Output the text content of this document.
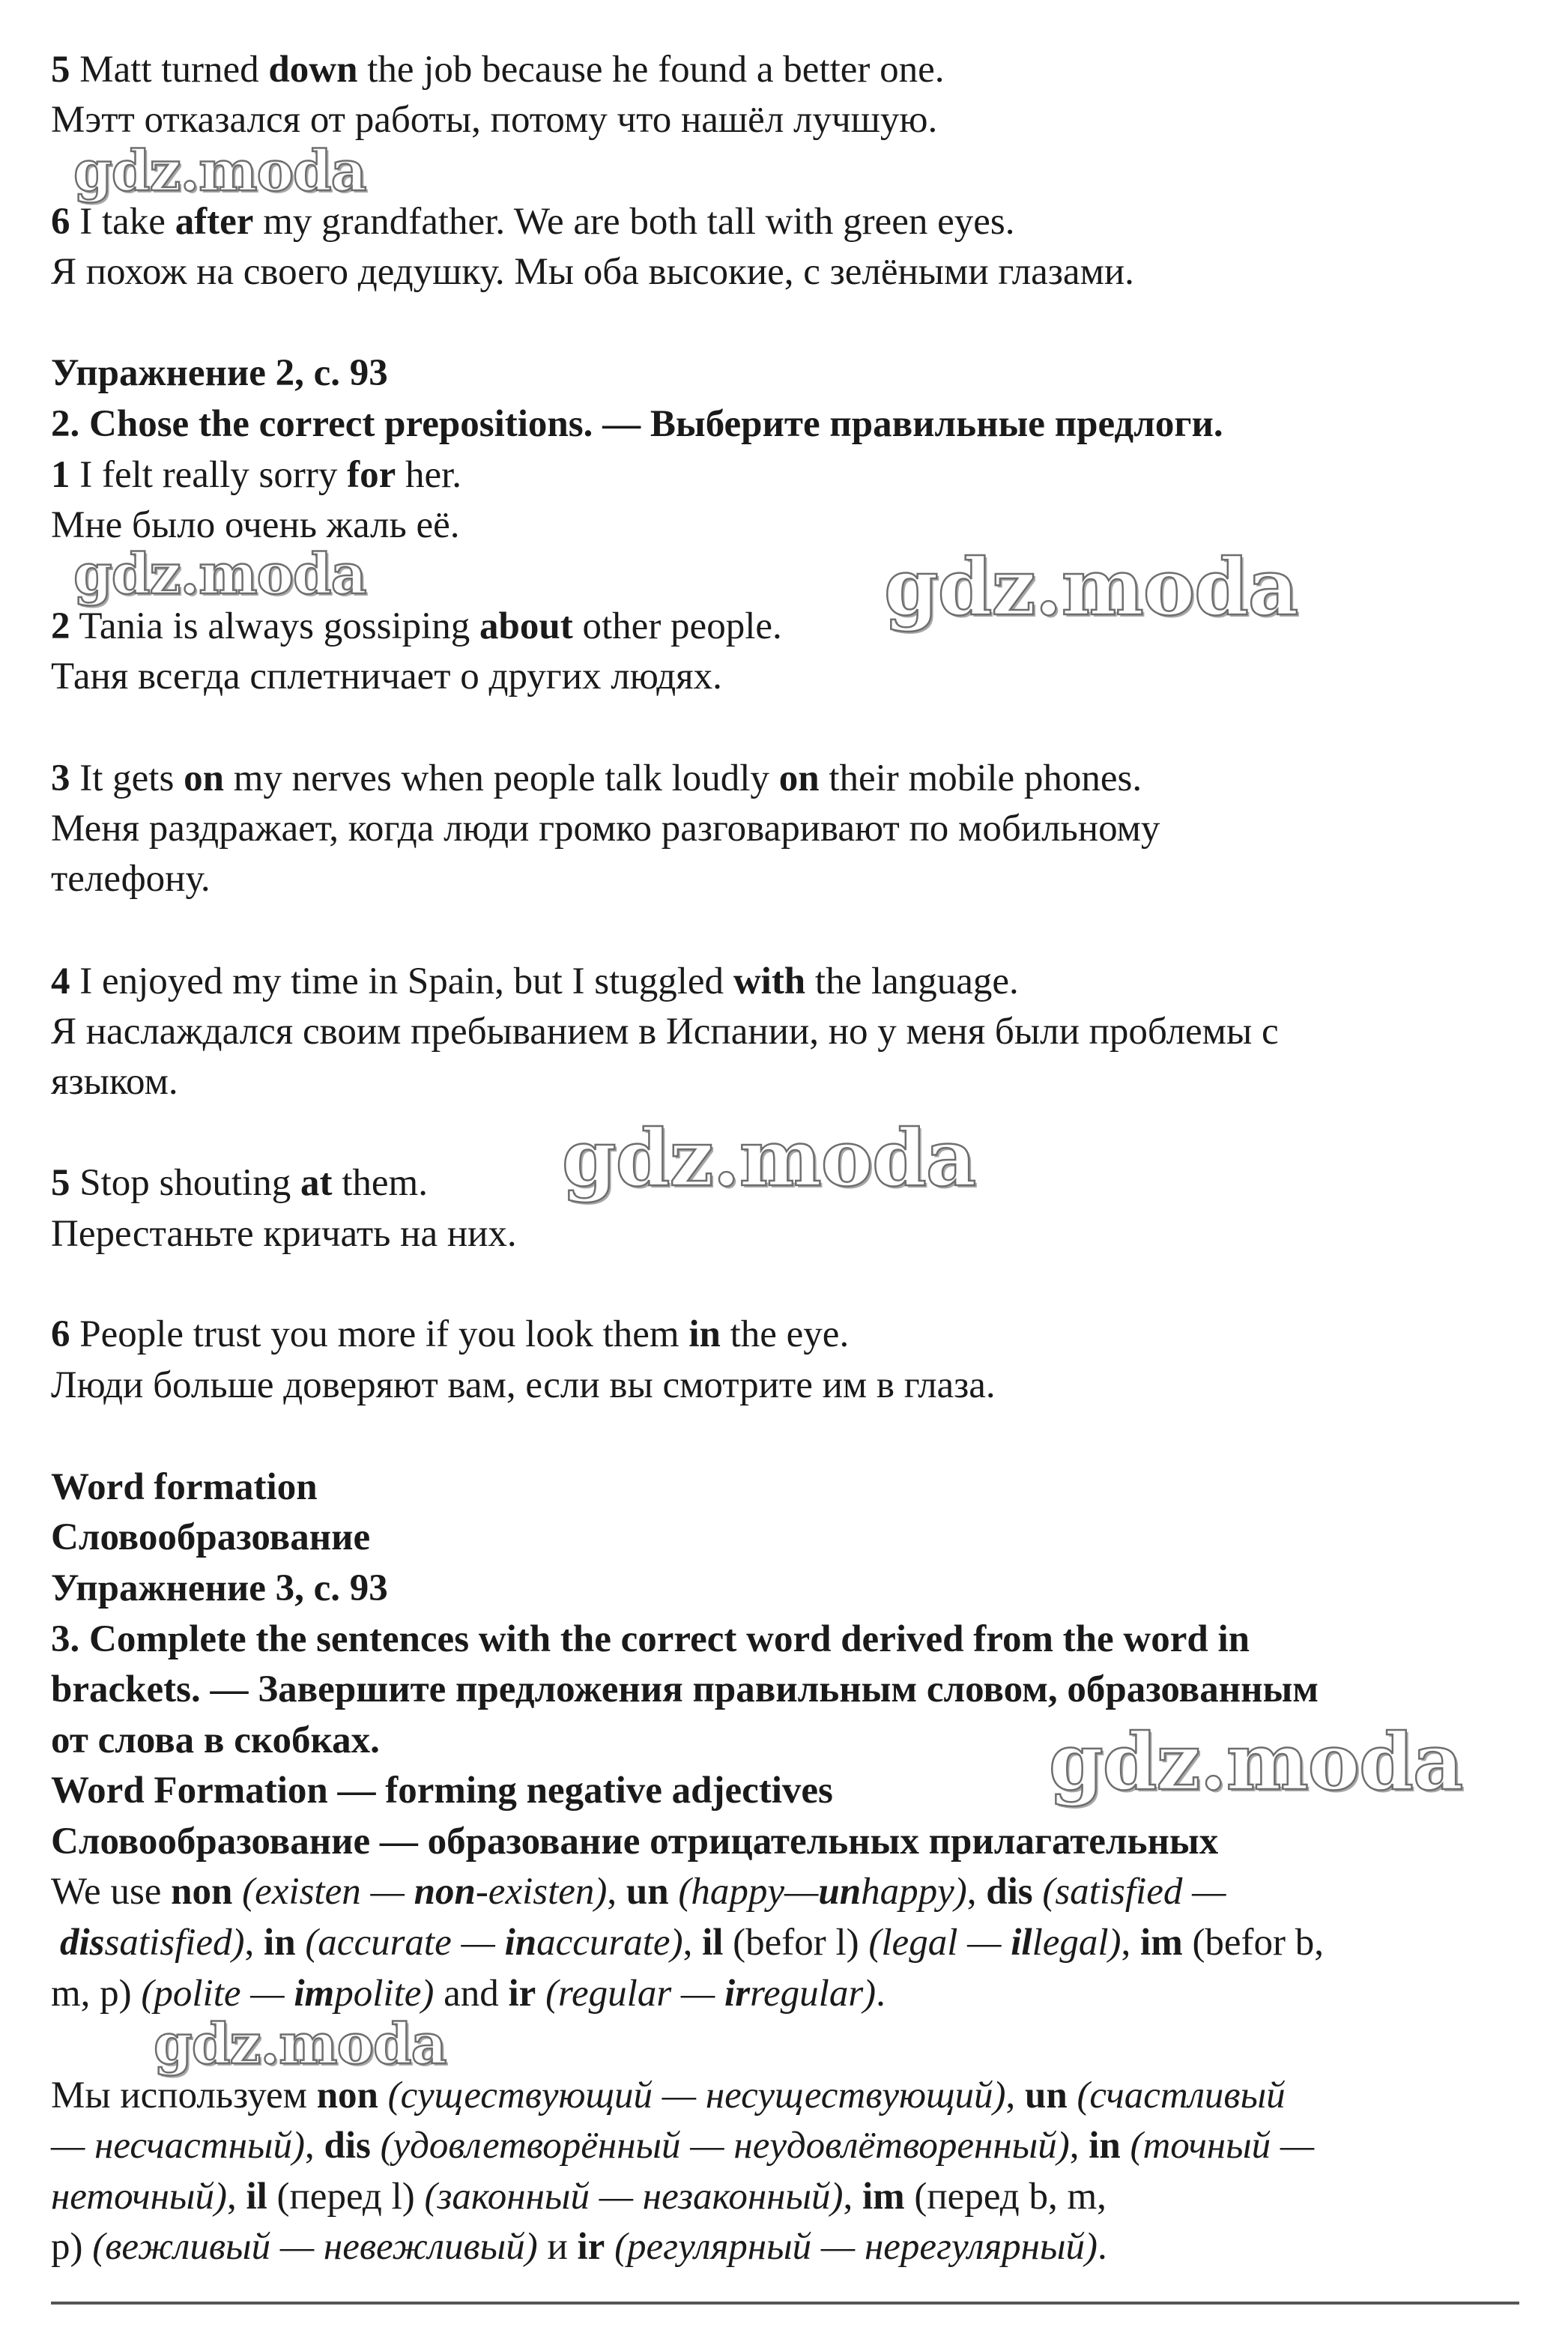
5 Matt turned down the job because he found a better one.
Мэтт отказался от работы, потому что нашёл лучшую.
6 I take after my grandfather. We are both tall with green eyes.
Я похож на своего дедушку. Мы оба высокие, с зелёными глазами.
Упражнение 2, с. 93
2. Chose the correct prepositions. — Выберите правильные предлоги.
1 I felt really sorry for her.
Мне было очень жаль её.
2 Tania is always gossiping about other people.
Таня всегда сплетничает о других людях.
3 It gets on my nerves when people talk loudly on their mobile phones.
Меня раздражает, когда люди громко разговаривают по мобильному
телефону.
4 I enjoyed my time in Spain, but I stuggled with the language.
Я наслаждался своим пребыванием в Испании, но у меня были проблемы с
языком.
5 Stop shouting at them.
Перестаньте кричать на них.
6 People trust you more if you look them in the eye.
Люди больше доверяют вам, если вы смотрите им в глаза.
Word formation
Словообразование
Упражнение 3, с. 93
3. Complete the sentences with the correct word derived from the word in
brackets. — Завершите предложения правильным словом, образованным
от слова в скобках.
Word Formation — forming negative adjectives
Словообразование — образование отрицательных прилагательных
We use non (existen — non-existen), un (happy—unhappy), dis (satisfied —
dissatisfied), in (accurate — inaccurate), il (befor l) (legal — illegal), im (befor b,
m, p) (polite — impolite) and ir (regular — irregular).
Мы используем non (существующий — несуществующий), un (счастливый
— несчастный), dis (удовлетворённый — неудовлётворенный), in (точный —
неточный), il (перед l) (законный — незаконный), im (перед b, m,
p) (вежливый — невежливый) и ir (регулярный — нерегулярный).
gdz.moda
gdz.moda	gdz.moda
gdz.moda
gdz.moda
gdz.moda
